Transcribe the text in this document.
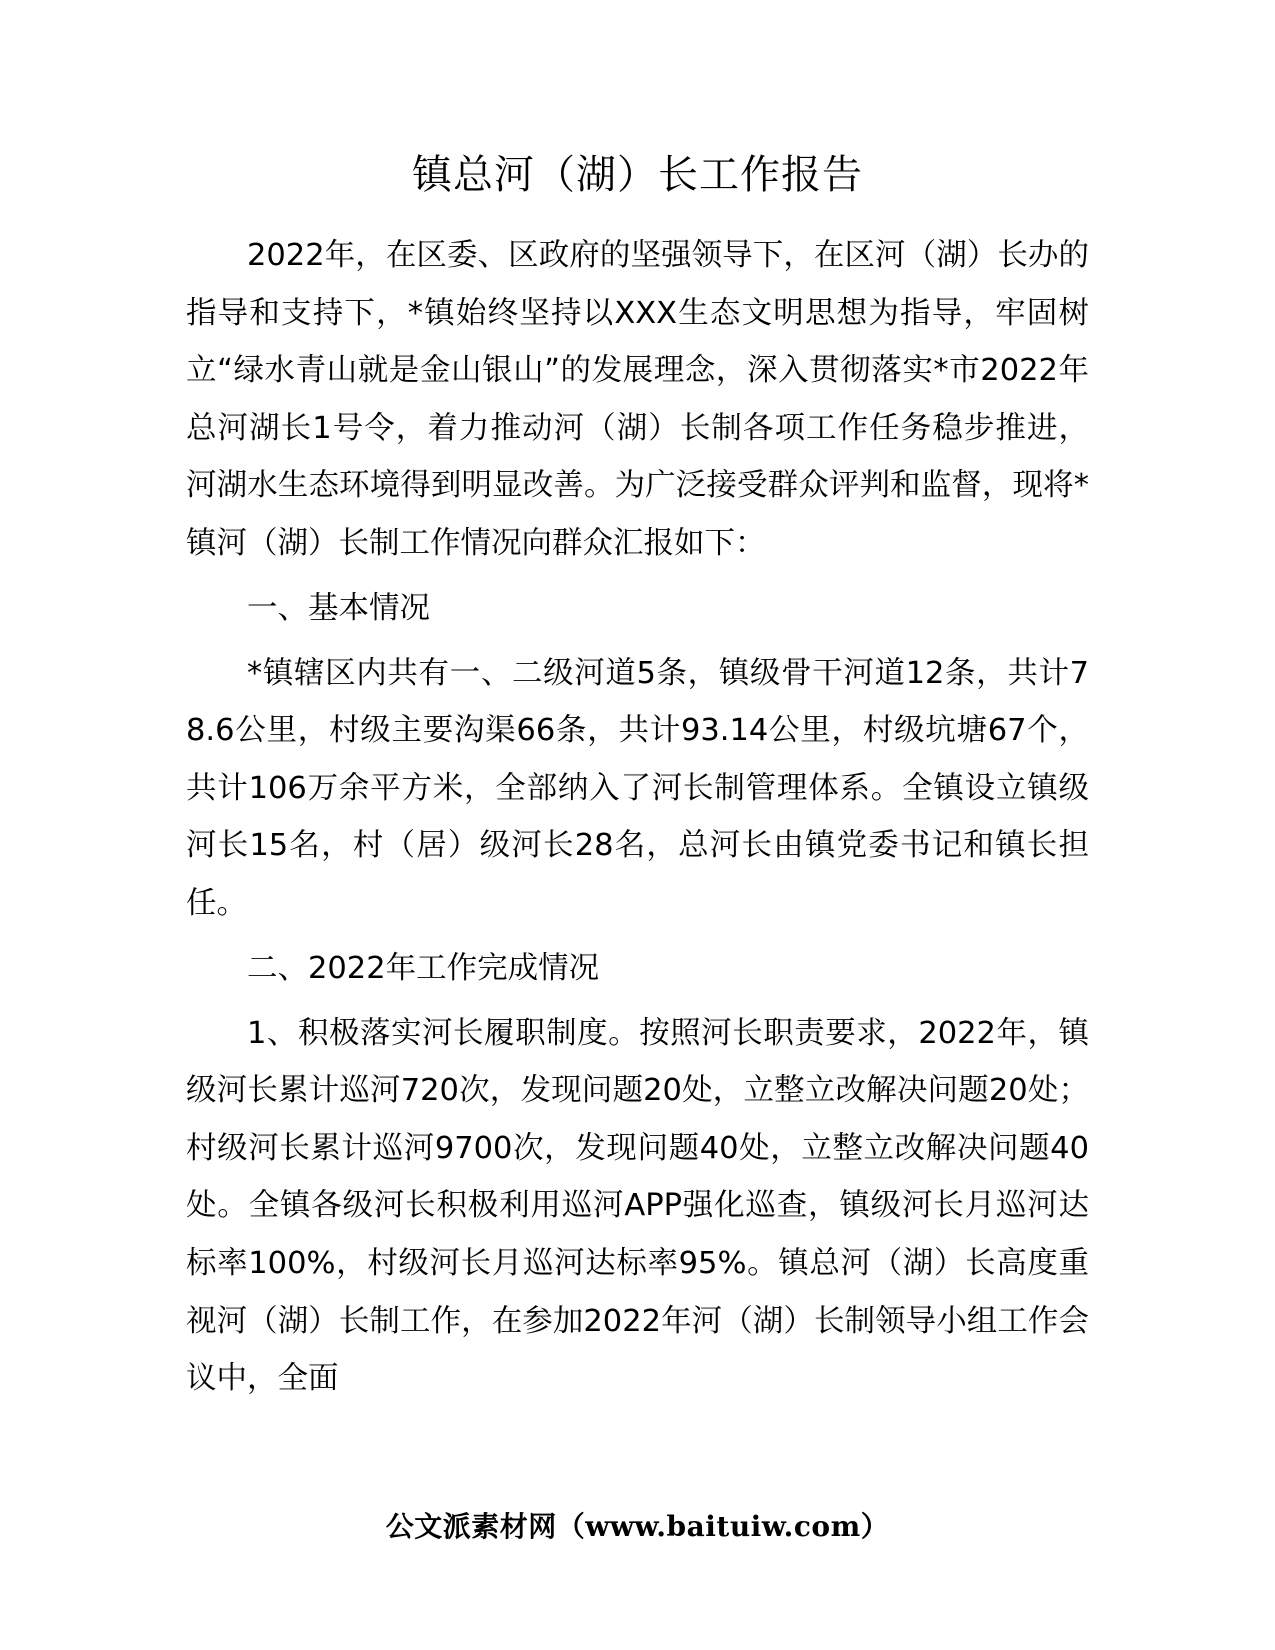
镇总河（湖）长工作报告

2022年，在区委、区政府的坚强领导下，在区河（湖）长办的指导和支持下，*镇始终坚持以XXX生态文明思想为指导，牢固树立“绿水青山就是金山银山”的发展理念，深入贯彻落实*市2022年总河湖长1号令，着力推动河（湖）长制各项工作任务稳步推进，河湖水生态环境得到明显改善。为广泛接受群众评判和监督，现将*镇河（湖）长制工作情况向群众汇报如下：

一、基本情况

*镇辖区内共有一、二级河道5条，镇级骨干河道12条，共计78.6公里，村级主要沟渠66条，共计93.14公里，村级坑塘67个，共计106万余平方米，全部纳入了河长制管理体系。全镇设立镇级河长15名，村（居）级河长28名，总河长由镇党委书记和镇长担任。

二、2022年工作完成情况

1、积极落实河长履职制度。按照河长职责要求，2022年，镇级河长累计巡河720次，发现问题20处，立整立改解决问题20处；村级河长累计巡河9700次，发现问题40处，立整立改解决问题40处。全镇各级河长积极利用巡河APP强化巡查，镇级河长月巡河达标率100%，村级河长月巡河达标率95%。镇总河（湖）长高度重视河（湖）长制工作，在参加2022年河（湖）长制领导小组工作会议中，全面

公文派素材网（www.baituiw.com）
